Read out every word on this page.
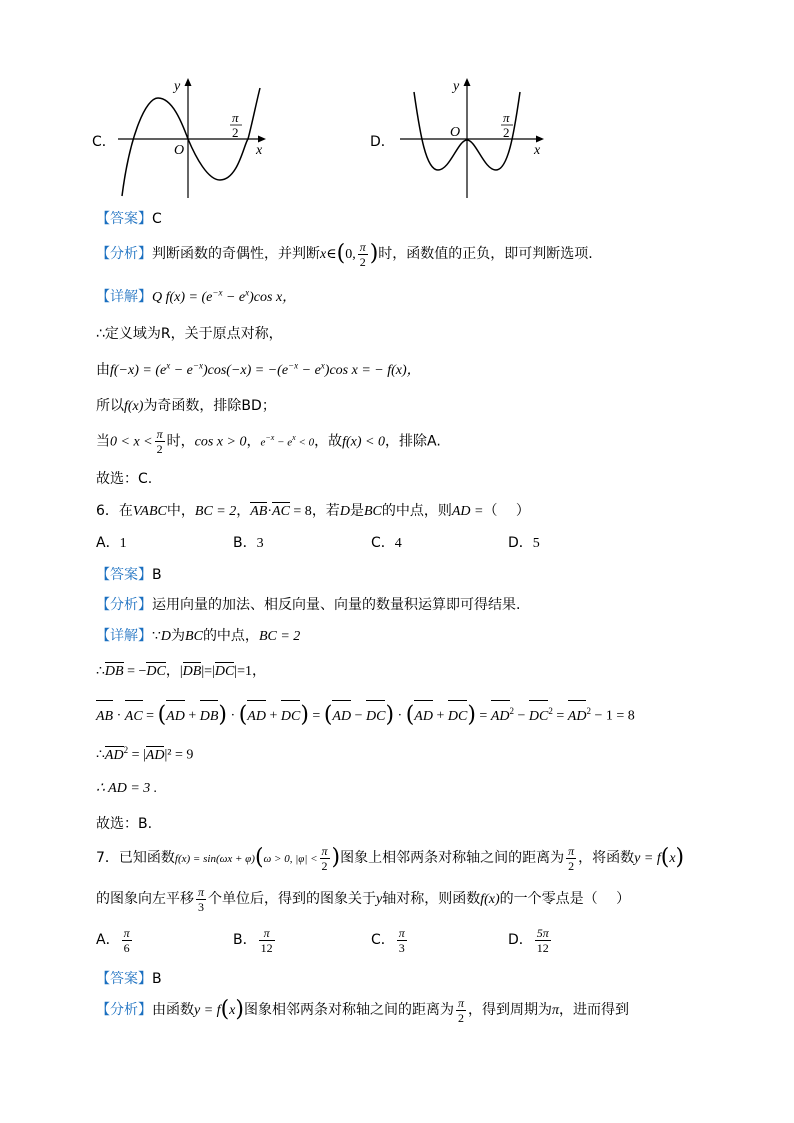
C．
y
x
O
π
2
D．
y
x
O
π
2
【答案】C
【分析】判断函数的奇偶性，并判断x∈(0, $\frac{\pi}{2}$ )时，函数值的正负，即可判断选项.
【详解】Q $f(x) = (e^{-x} - e^x)\cos$ x，
∴定义域为R，关于原点对称，
由$f(-x) = (e^x - e^{-x})\cos(-x) = -(e^{-x} - e^x)\cos$ x = − f(x)，
所以f(x)为奇函数，排除BD；
当$0 < x < \frac{\pi}{2}$ 时，cos x > 0，$e^{-x} - e^x < 0$，故f(x) < 0，排除A.
故选：C.
6．在VABC中，BC = 2，AB·AC = 8，若D是BC的中点，则AD =（　 ）
A．1	B．3	C．4	D．5
【答案】B
【分析】运用向量的加法、相反向量、向量的数量积运算即可得结果.
【详解】∵D为BC的中点，BC = 2
∴DB = −DC，|DB|=|DC|=1，
AB · AC = $(AD + DB) \cdot (AD + DC) = (AD - DC) \cdot (AD + DC) = AD^2 - DC^2 = AD^2 - 1 = 8$
$\therefore AD^2 = |AD|^2 = 9$
∴ AD = 3 .
故选：B.
7．已知函数f(x) = sin(ωx + φ)(ω > 0, $|\varphi| < \frac{\pi}{2}$ )图象上相邻两条对称轴之间的距离为 $\frac{\pi}{2}$ ，将函数y = f(x)
的图象向左平移 $\frac{\pi}{3}$ 个单位后，得到的图象关于y轴对称，则函数f(x)的一个零点是（　 ）
A． $\frac{\pi}{6}$	B． $\frac{\pi}{12}$	C． $\frac{\pi}{3}$	D． $\frac{5\pi}{12}$
【答案】B
【分析】由函数y = f(x)图象相邻两条对称轴之间的距离为 $\frac{\pi}{2}$ ，得到周期为π，进而得到
